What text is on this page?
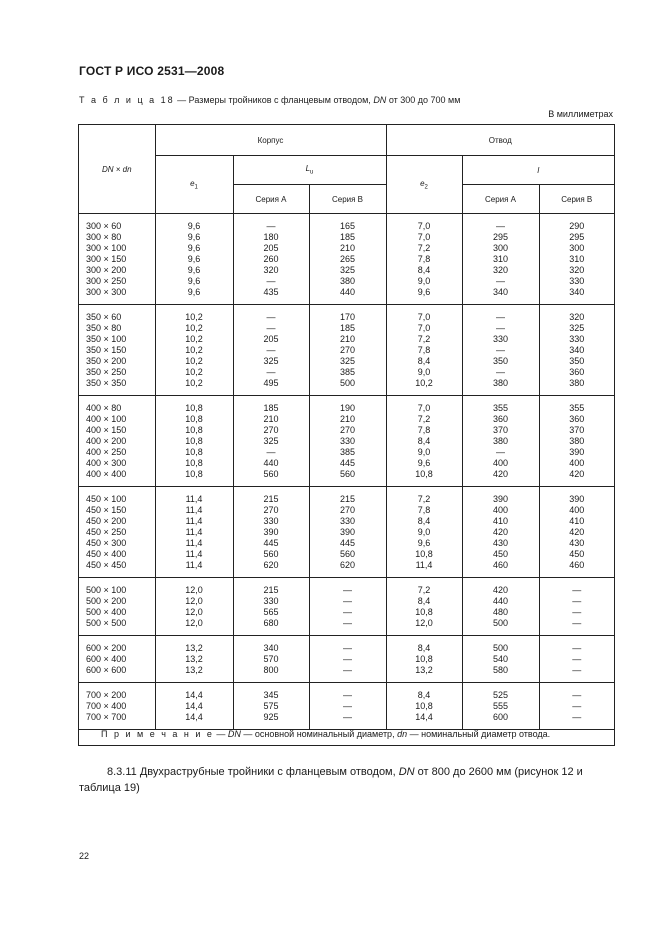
ГОСТ Р ИСО 2531—2008
Т а б л и ц а 18 — Размеры тройников с фланцевым отводом, DN от 300 до 700 мм
В миллиметрах
DN × dn	Корпус			Отвод		
	$e_1$	$L_u$		$e_2$	l	
		Серия А	Серия В		Серия А	Серия В
300 × 60	9,6	—	165	7,0	—	290
300 × 80	9,6	180	185	7,0	295	295
300 × 100	9,6	205	210	7,2	300	300
300 × 150	9,6	260	265	7,8	310	310
300 × 200	9,6	320	325	8,4	320	320
300 × 250	9,6	—	380	9,0	—	330
300 × 300	9,6	435	440	9,6	340	340
350 × 60	10,2	—	170	7,0	—	320
350 × 80	10,2	—	185	7,0	—	325
350 × 100	10,2	205	210	7,2	330	330
350 × 150	10,2	—	270	7,8	—	340
350 × 200	10,2	325	325	8,4	350	350
350 × 250	10,2	—	385	9,0	—	360
350 × 350	10,2	495	500	10,2	380	380
400 × 80	10,8	185	190	7,0	355	355
400 × 100	10,8	210	210	7,2	360	360
400 × 150	10,8	270	270	7,8	370	370
400 × 200	10,8	325	330	8,4	380	380
400 × 250	10,8	—	385	9,0	—	390
400 × 300	10,8	440	445	9,6	400	400
400 × 400	10,8	560	560	10,8	420	420
450 × 100	11,4	215	215	7,2	390	390
450 × 150	11,4	270	270	7,8	400	400
450 × 200	11,4	330	330	8,4	410	410
450 × 250	11,4	390	390	9,0	420	420
450 × 300	11,4	445	445	9,6	430	430
450 × 400	11,4	560	560	10,8	450	450
450 × 450	11,4	620	620	11,4	460	460
500 × 100	12,0	215	—	7,2	420	—
500 × 200	12,0	330	—	8,4	440	—
500 × 400	12,0	565	—	10,8	480	—
500 × 500	12,0	680	—	12,0	500	—
600 × 200	13,2	340	—	8,4	500	—
600 × 400	13,2	570	—	10,8	540	—
600 × 600	13,2	800	—	13,2	580	—
700 × 200	14,4	345	—	8,4	525	—
700 × 400	14,4	575	—	10,8	555	—
700 × 700	14,4	925	—	14,4	600	—
П р и м е ч а н и е — DN — основной номинальный диаметр, dn — номинальный диаметр отвода.
8.3.11 Двухраструбные тройники с фланцевым отводом, DN от 800 до 2600 мм (рисунок 12 и таблица 19)
22
